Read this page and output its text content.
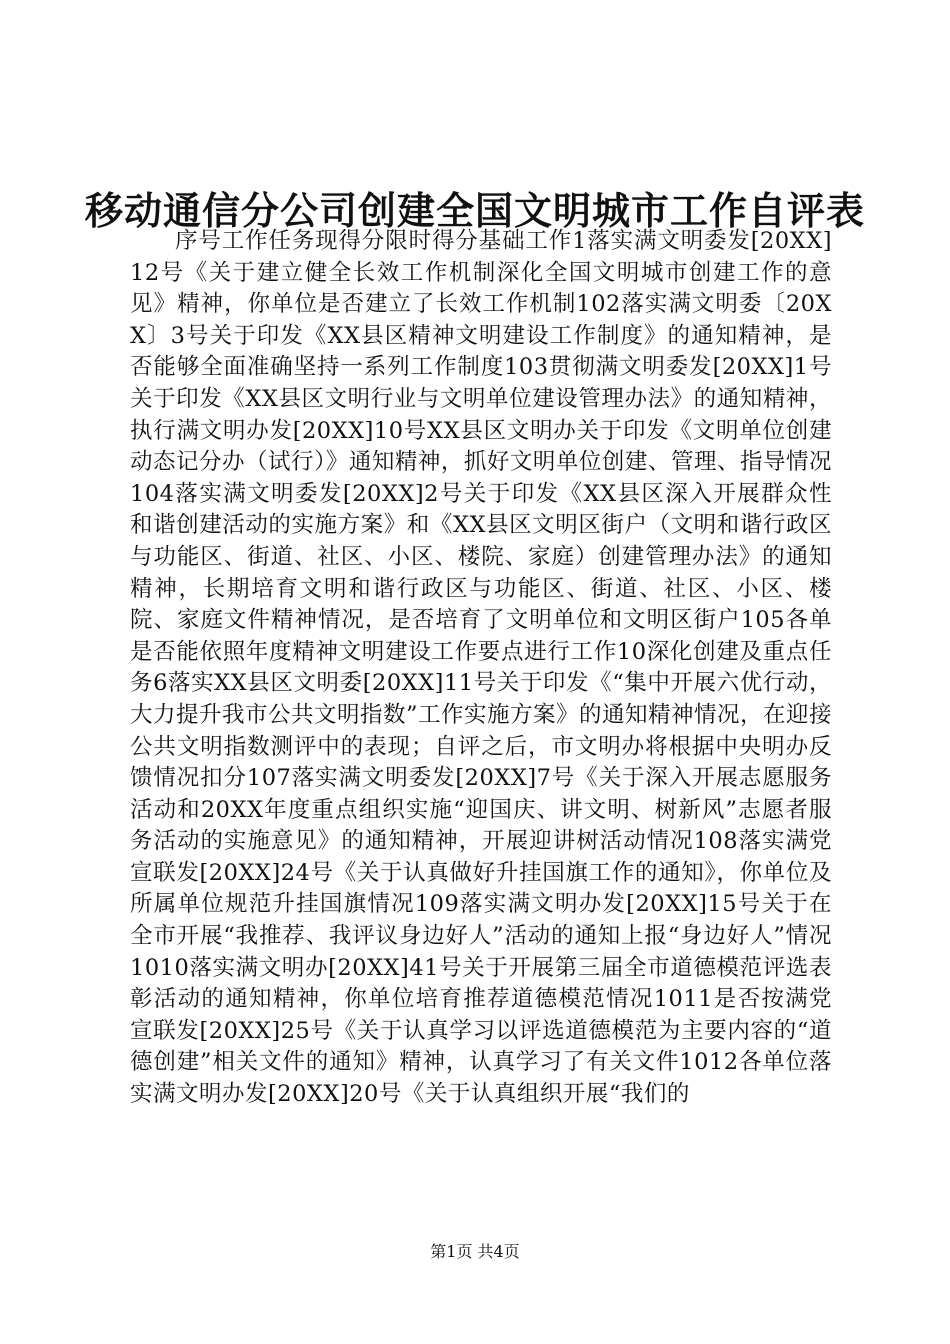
移动通信分公司创建全国文明城市工作自评表

序号工作任务现得分限时得分基础工作1落实满文明委发[20XX]12号《关于建立健全长效工作机制深化全国文明城市创建工作的意见》精神，你单位是否建立了长效工作机制102落实满文明委〔20XX〕3号关于印发《XX县区精神文明建设工作制度》的通知精神，是否能够全面准确坚持一系列工作制度103贯彻满文明委发[20XX]1号关于印发《XX县区文明行业与文明单位建设管理办法》的通知精神，执行满文明办发[20XX]10号XX县区文明办关于印发《文明单位创建动态记分办（试行）》通知精神，抓好文明单位创建、管理、指导情况104落实满文明委发[20XX]2号关于印发《XX县区深入开展群众性和谐创建活动的实施方案》和《XX县区文明区街户（文明和谐行政区与功能区、街道、社区、小区、楼院、家庭）创建管理办法》的通知精神，长期培育文明和谐行政区与功能区、街道、社区、小区、楼院、家庭文件精神情况，是否培育了文明单位和文明区街户105各单是否能依照年度精神文明建设工作要点进行工作10深化创建及重点任务6落实XX县区文明委[20XX]11号关于印发《“集中开展六优行动，大力提升我市公共文明指数”工作实施方案》的通知精神情况，在迎接公共文明指数测评中的表现；自评之后，市文明办将根据中央明办反馈情况扣分107落实满文明委发[20XX]7号《关于深入开展志愿服务活动和20XX年度重点组织实施“迎国庆、讲文明、树新风”志愿者服务活动的实施意见》的通知精神，开展迎讲树活动情况108落实满党宣联发[20XX]24号《关于认真做好升挂国旗工作的通知》，你单位及所属单位规范升挂国旗情况109落实满文明办发[20XX]15号关于在全市开展“我推荐、我评议身边好人”活动的通知上报“身边好人”情况1010落实满文明办[20XX]41号关于开展第三届全市道德模范评选表彰活动的通知精神，你单位培育推荐道德模范情况1011是否按满党宣联发[20XX]25号《关于认真学习以评选道德模范为主要内容的“道德创建”相关文件的通知》精神，认真学习了有关文件1012各单位落实满文明办发[20XX]20号《关于认真组织开展“我们的

第1页 共4页
